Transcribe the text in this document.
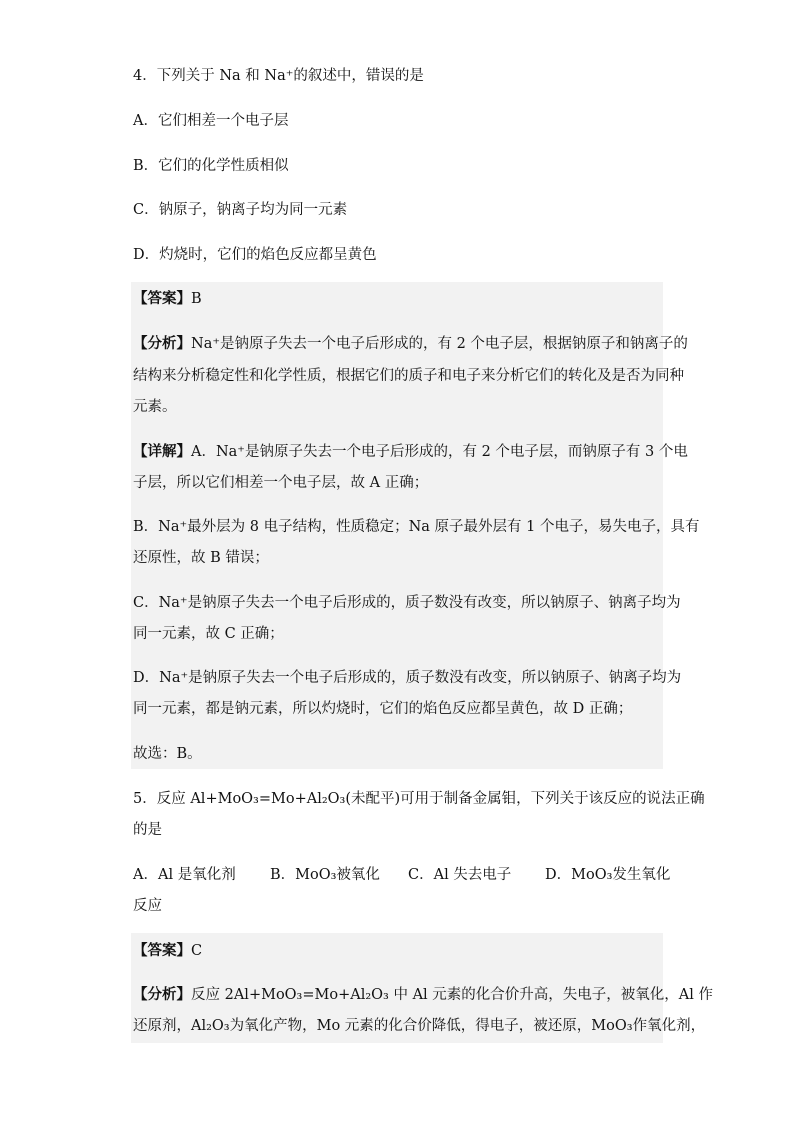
4．下列关于 Na 和 Na⁺的叙述中，错误的是
A．它们相差一个电子层
B．它们的化学性质相似
C．钠原子，钠离子均为同一元素
D．灼烧时，它们的焰色反应都呈黄色
【答案】B
【分析】Na⁺是钠原子失去一个电子后形成的，有 2 个电子层，根据钠原子和钠离子的
结构来分析稳定性和化学性质，根据它们的质子和电子来分析它们的转化及是否为同种
元素。
【详解】A．Na⁺是钠原子失去一个电子后形成的，有 2 个电子层，而钠原子有 3 个电
子层，所以它们相差一个电子层，故 A 正确；
B．Na⁺最外层为 8 电子结构，性质稳定；Na 原子最外层有 1 个电子，易失电子，具有
还原性，故 B 错误；
C．Na⁺是钠原子失去一个电子后形成的，质子数没有改变，所以钠原子、钠离子均为
同一元素，故 C 正确；
D．Na⁺是钠原子失去一个电子后形成的，质子数没有改变，所以钠原子、钠离子均为
同一元素，都是钠元素，所以灼烧时，它们的焰色反应都呈黄色，故 D 正确；
故选：B。
5．反应 Al+MoO₃=Mo+Al₂O₃(未配平)可用于制备金属钼，下列关于该反应的说法正确
的是
A．Al 是氧化剂 B．MoO₃被氧化 C．Al 失去电子 D．MoO₃发生氧化
反应
【答案】C
【分析】反应 2Al+MoO₃=Mo+Al₂O₃ 中 Al 元素的化合价升高，失电子，被氧化，Al 作
还原剂，Al₂O₃为氧化产物，Mo 元素的化合价降低，得电子，被还原，MoO₃作氧化剂，
